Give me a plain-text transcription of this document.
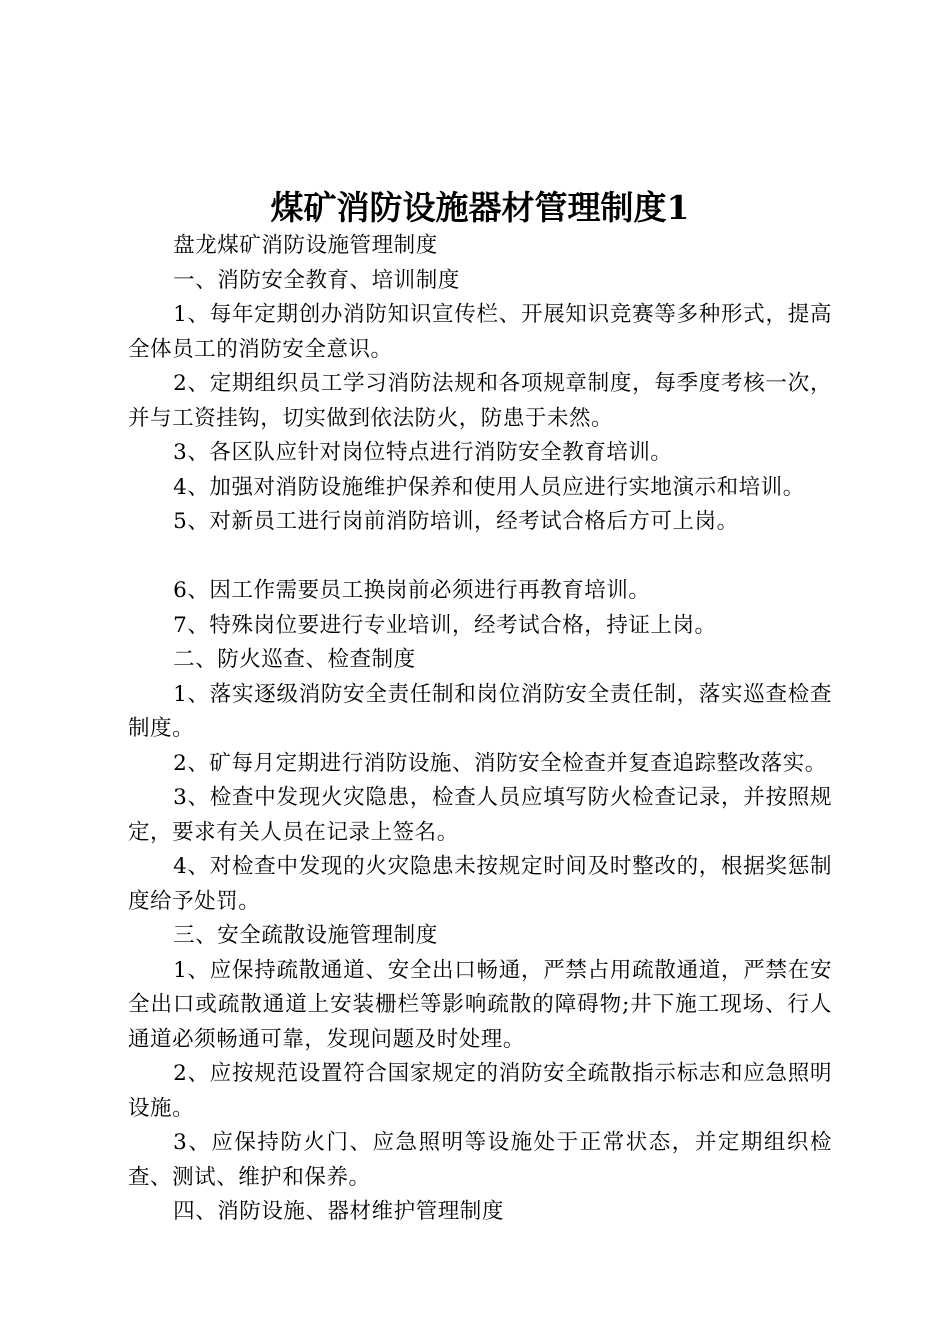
煤矿消防设施器材管理制度1

盘龙煤矿消防设施管理制度

一、消防安全教育、培训制度

1、每年定期创办消防知识宣传栏、开展知识竞赛等多种形式，提高全体员工的消防安全意识。

2、定期组织员工学习消防法规和各项规章制度，每季度考核一次，并与工资挂钩，切实做到依法防火，防患于未然。

3、各区队应针对岗位特点进行消防安全教育培训。

4、加强对消防设施维护保养和使用人员应进行实地演示和培训。

5、对新员工进行岗前消防培训，经考试合格后方可上岗。

6、因工作需要员工换岗前必须进行再教育培训。

7、特殊岗位要进行专业培训，经考试合格，持证上岗。

二、防火巡查、检查制度

1、落实逐级消防安全责任制和岗位消防安全责任制，落实巡查检查制度。

2、矿每月定期进行消防设施、消防安全检查并复查追踪整改落实。

3、检查中发现火灾隐患，检查人员应填写防火检查记录，并按照规定，要求有关人员在记录上签名。

4、对检查中发现的火灾隐患未按规定时间及时整改的，根据奖惩制度给予处罚。

三、安全疏散设施管理制度

1、应保持疏散通道、安全出口畅通，严禁占用疏散通道，严禁在安全出口或疏散通道上安装栅栏等影响疏散的障碍物;井下施工现场、行人通道必须畅通可靠，发现问题及时处理。

2、应按规范设置符合国家规定的消防安全疏散指示标志和应急照明设施。

3、应保持防火门、应急照明等设施处于正常状态，并定期组织检查、测试、维护和保养。

四、消防设施、器材维护管理制度
